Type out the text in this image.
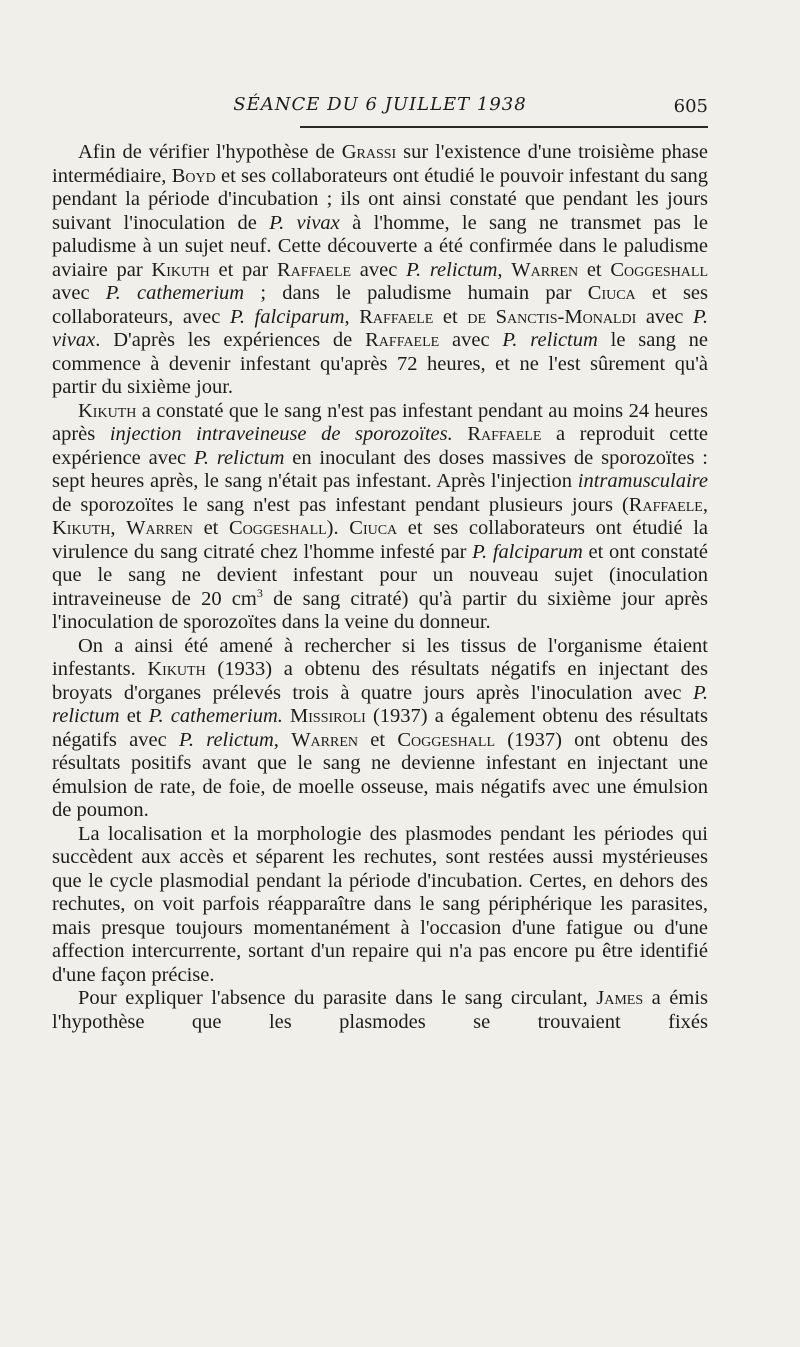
SÉANCE DU 6 JUILLET 1938	605

Afin de vérifier l'hypothèse de Grassi sur l'existence d'une troisième phase intermédiaire, Boyd et ses collaborateurs ont étudié le pouvoir infestant du sang pendant la période d'incubation ; ils ont ainsi constaté que pendant les jours suivant l'inoculation de P. vivax à l'homme, le sang ne transmet pas le paludisme à un sujet neuf. Cette découverte a été confirmée dans le paludisme aviaire par Kikuth et par Raffaele avec P. relictum, Warren et Coggeshall avec P. cathemerium ; dans le paludisme humain par Ciuca et ses collaborateurs, avec P. falciparum, Raffaele et de Sanctis-Monaldi avec P. vivax. D'après les expériences de Raffaele avec P. relictum le sang ne commence à devenir infestant qu'après 72 heures, et ne l'est sûrement qu'à partir du sixième jour.

Kikuth a constaté que le sang n'est pas infestant pendant au moins 24 heures après injection intraveineuse de sporozoïtes. Raffaele a reproduit cette expérience avec P. relictum en inoculant des doses massives de sporozoïtes : sept heures après, le sang n'était pas infestant. Après l'injection intramusculaire de sporozoïtes le sang n'est pas infestant pendant plusieurs jours (Raffaele, Kikuth, Warren et Coggeshall). Ciuca et ses collaborateurs ont étudié la virulence du sang citraté chez l'homme infesté par P. falciparum et ont constaté que le sang ne devient infestant pour un nouveau sujet (inoculation intraveineuse de 20 $cm^3$ de sang citraté) qu'à partir du sixième jour après l'inoculation de sporozoïtes dans la veine du donneur.

On a ainsi été amené à rechercher si les tissus de l'organisme étaient infestants. Kikuth (1933) a obtenu des résultats négatifs en injectant des broyats d'organes prélevés trois à quatre jours après l'inoculation avec P. relictum et P. cathemerium. Missiroli (1937) a également obtenu des résultats négatifs avec P. relictum, Warren et Coggeshall (1937) ont obtenu des résultats positifs avant que le sang ne devienne infestant en injectant une émulsion de rate, de foie, de moelle osseuse, mais négatifs avec une émulsion de poumon.

La localisation et la morphologie des plasmodes pendant les périodes qui succèdent aux accès et séparent les rechutes, sont restées aussi mystérieuses que le cycle plasmodial pendant la période d'incubation. Certes, en dehors des rechutes, on voit parfois réapparaître dans le sang périphérique les parasites, mais presque toujours momentanément à l'occasion d'une fatigue ou d'une affection intercurrente, sortant d'un repaire qui n'a pas encore pu être identifié d'une façon précise.

Pour expliquer l'absence du parasite dans le sang circulant, James a émis l'hypothèse que les plasmodes se trouvaient fixés
